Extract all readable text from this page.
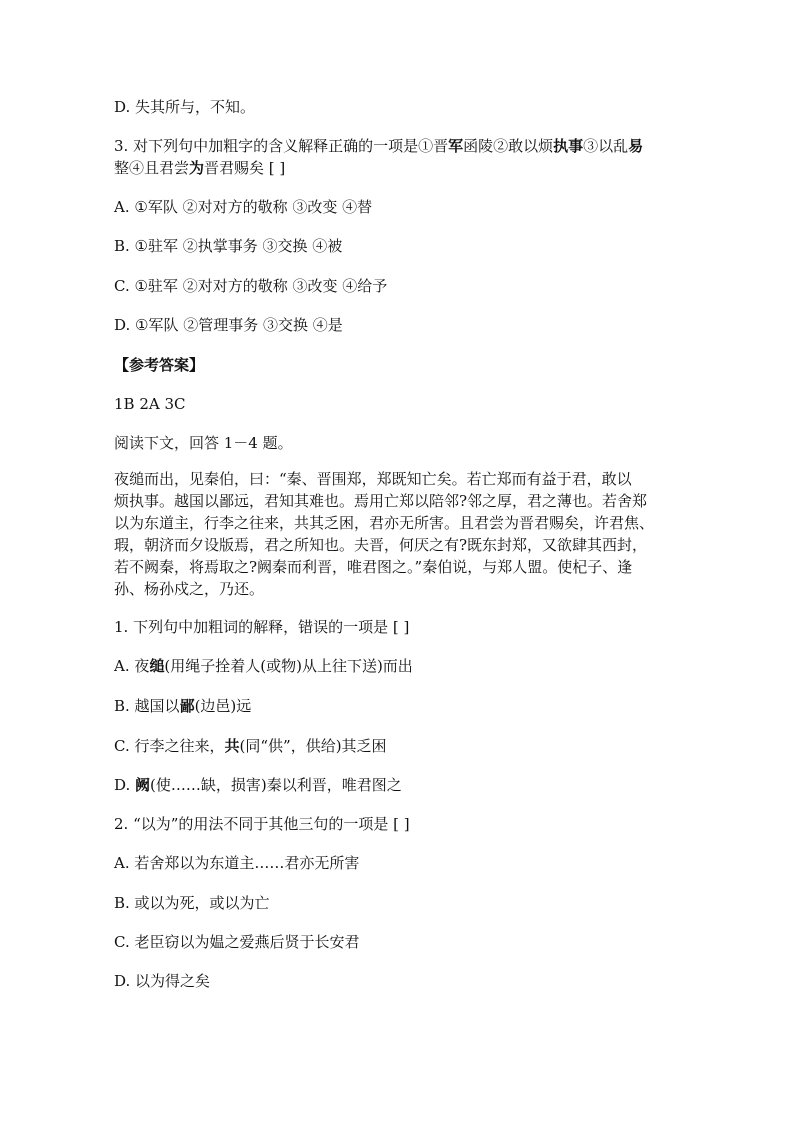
D. 失其所与，不知。
3. 对下列句中加粗字的含义解释正确的一项是①晋军函陵②敢以烦执事③以乱易
整④且君尝为晋君赐矣 [ ]
A. ①军队 ②对对方的敬称 ③改变 ④替
B. ①驻军 ②执掌事务 ③交换 ④被
C. ①驻军 ②对对方的敬称 ③改变 ④给予
D. ①军队 ②管理事务 ③交换 ④是
【参考答案】
1B 2A 3C
阅读下文，回答 1－4 题。
夜缒而出，见秦伯，曰：“秦、晋围郑，郑既知亡矣。若亡郑而有益于君，敢以
烦执事。越国以鄙远，君知其难也。焉用亡郑以陪邻?邻之厚，君之薄也。若舍郑
以为东道主，行李之往来，共其乏困，君亦无所害。且君尝为晋君赐矣，许君焦、
瑕，朝济而夕设版焉，君之所知也。夫晋，何厌之有?既东封郑，又欲肆其西封，
若不阙秦，将焉取之?阙秦而利晋，唯君图之。”秦伯说，与郑人盟。使杞子、逢
孙、杨孙戍之，乃还。
1. 下列句中加粗词的解释，错误的一项是 [ ]
A. 夜缒(用绳子拴着人(或物)从上往下送)而出
B. 越国以鄙(边邑)远
C. 行李之往来，共(同“供”，供给)其乏困
D. 阙(使……缺，损害)秦以利晋，唯君图之
2. “以为”的用法不同于其他三句的一项是 [ ]
A. 若舍郑以为东道主……君亦无所害
B. 或以为死，或以为亡
C. 老臣窃以为媪之爱燕后贤于长安君
D. 以为得之矣
